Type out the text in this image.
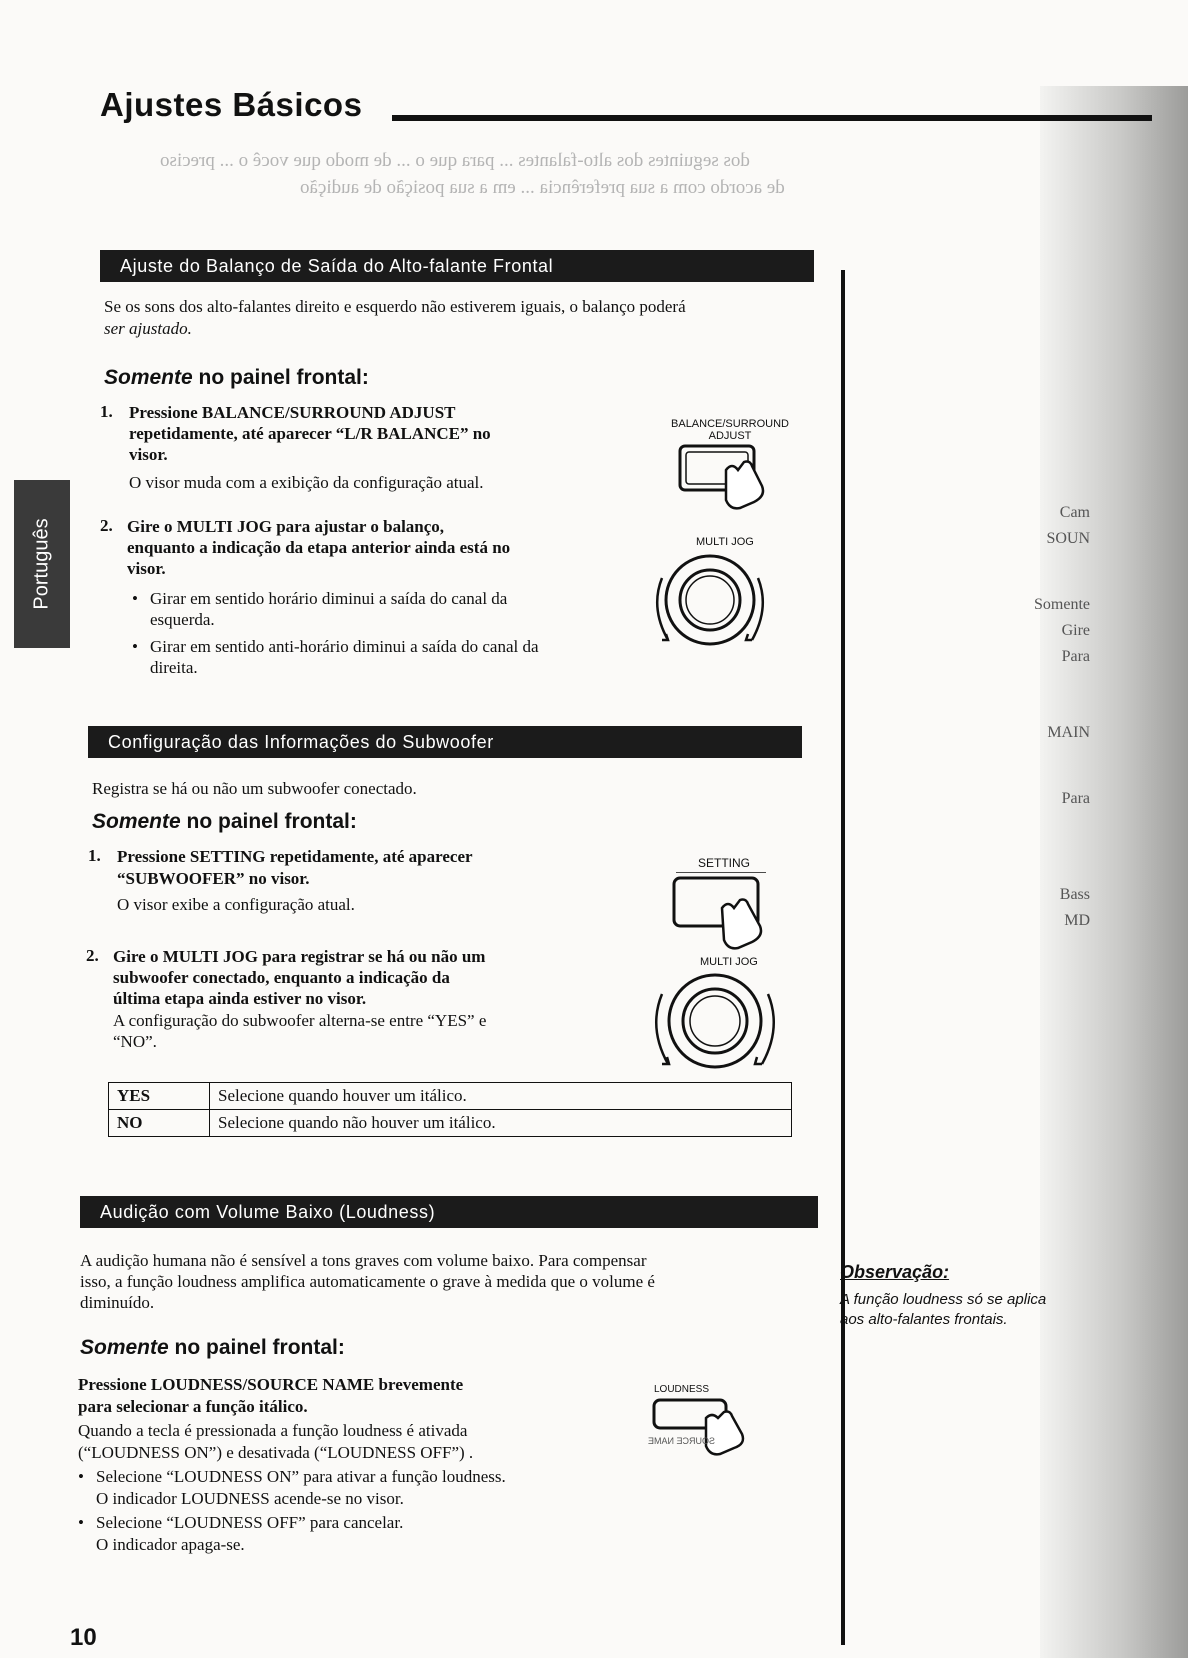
Ajustes Básicos
dos seguintes dos alto-falantes ... para que o ... de modo que você o ... preciso
de acordo com a sua preferência ... em a sua posição de audição
Português
Ajuste do Balanço de Saída do Alto-falante Frontal
Se os sons dos alto-falantes direito e esquerdo não estiverem iguais, o balanço poderá
ser ajustado.
Somente no painel frontal:
1. Pressione BALANCE/SURROUND ADJUST
repetidamente, até aparecer “L/R BALANCE” no
visor.
O visor muda com a exibição da configuração atual.
2. Gire o MULTI JOG para ajustar o balanço,
enquanto a indicação da etapa anterior ainda está no
visor.
• Girar em sentido horário diminui a saída do canal da
esquerda.
• Girar em sentido anti-horário diminui a saída do canal da
direita.
BALANCE/SURROUND ADJUST
MULTI JOG
Configuração das Informações do Subwoofer
Registra se há ou não um subwoofer conectado.
Somente no painel frontal:
1. Pressione SETTING repetidamente, até aparecer
“SUBWOOFER” no visor.
O visor exibe a configuração atual.
2. Gire o MULTI JOG para registrar se há ou não um
subwoofer conectado, enquanto a indicação da
última etapa ainda estiver no visor.
A configuração do subwoofer alterna-se entre “YES” e
“NO”.
SETTING
MULTI JOG
YES	Selecione quando houver um itálico.
NO	Selecione quando não houver um itálico.
Audição com Volume Baixo (Loudness)
A audição humana não é sensível a tons graves com volume baixo. Para compensar
isso, a função loudness amplifica automaticamente o grave à medida que o volume é
diminuído.
Somente no painel frontal:
Pressione LOUDNESS/SOURCE NAME brevemente
para selecionar a função itálico.
Quando a tecla é pressionada a função loudness é ativada
(“LOUDNESS ON”) e desativada (“LOUDNESS OFF”) .
• Selecione “LOUDNESS ON” para ativar a função loudness.
O indicador LOUDNESS acende-se no visor.
• Selecione “LOUDNESS OFF” para cancelar.
O indicador apaga-se.
LOUDNESS
SOURCE NAME
Observação:
A função loudness só se aplica
aos alto-falantes frontais.
Cam
SOUN
Somente
Gire
Para
MAIN
Para
Bass
MD
10
